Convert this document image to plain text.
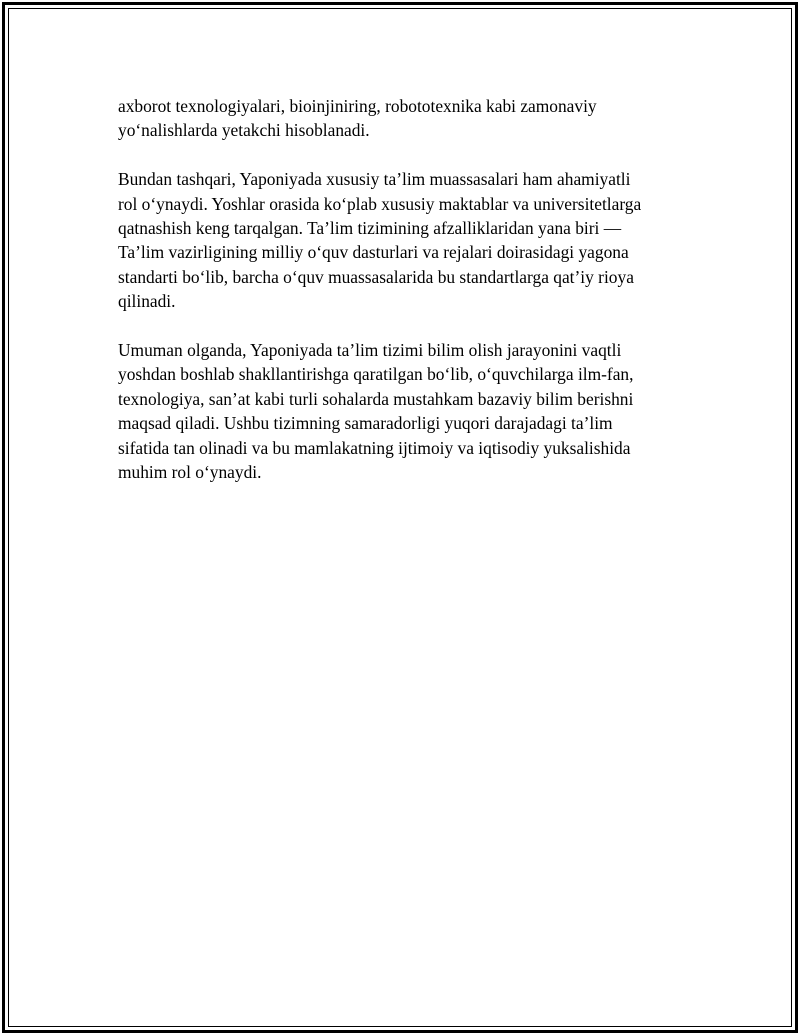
axborot texnologiyalari, bioinjiniring, robototexnika kabi zamonaviy
yo‘nalishlarda yetakchi hisoblanadi.

Bundan tashqari, Yaponiyada xususiy ta’lim muassasalari ham ahamiyatli
rol o‘ynaydi. Yoshlar orasida ko‘plab xususiy maktablar va universitetlarga
qatnashish keng tarqalgan. Ta’lim tizimining afzalliklaridan yana biri —
Ta’lim vazirligining milliy o‘quv dasturlari va rejalari doirasidagi yagona
standarti bo‘lib, barcha o‘quv muassasalarida bu standartlarga qat’iy rioya
qilinadi.

Umuman olganda, Yaponiyada ta’lim tizimi bilim olish jarayonini vaqtli
yoshdan boshlab shakllantirishga qaratilgan bo‘lib, o‘quvchilarga ilm-fan,
texnologiya, san’at kabi turli sohalarda mustahkam bazaviy bilim berishni
maqsad qiladi. Ushbu tizimning samaradorligi yuqori darajadagi ta’lim
sifatida tan olinadi va bu mamlakatning ijtimoiy va iqtisodiy yuksalishida
muhim rol o‘ynaydi.
